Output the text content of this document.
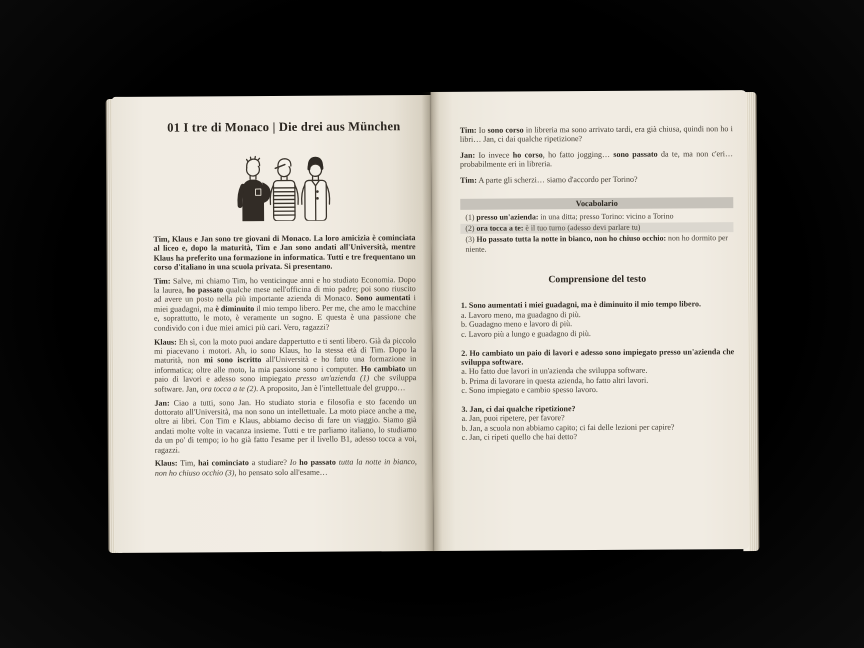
01 I tre di Monaco | Die drei aus München

Tim, Klaus e Jan sono tre giovani di Monaco. La loro amicizia è cominciata al liceo e, dopo la maturità, Tim e Jan sono andati all'Università, mentre Klaus ha preferito una formazione in informatica. Tutti e tre frequentano un corso d'italiano in una scuola privata. Si presentano.

Tim: Salve, mi chiamo Tim, ho venticinque anni e ho studiato Economia. Dopo la laurea, ho passato qualche mese nell'officina di mio padre; poi sono riuscito ad avere un posto nella più importante azienda di Monaco. Sono aumentati i miei guadagni, ma è diminuito il mio tempo libero. Per me, che amo le macchine e, soprattutto, le moto, è veramente un sogno. E questa è una passione che condivido con i due miei amici più cari. Vero, ragazzi?

Klaus: Eh sì, con la moto puoi andare dappertutto e ti senti libero. Già da piccolo mi piacevano i motori. Ah, io sono Klaus, ho la stessa età di Tim. Dopo la maturità, non mi sono iscritto all'Università e ho fatto una formazione in informatica; oltre alle moto, la mia passione sono i computer. Ho cambiato un paio di lavori e adesso sono impiegato presso un'azienda (1) che sviluppa software. Jan, ora tocca a te (2). A proposito, Jan è l'intellettuale del gruppo…

Jan: Ciao a tutti, sono Jan. Ho studiato storia e filosofia e sto facendo un dottorato all'Università, ma non sono un intellettuale. La moto piace anche a me, oltre ai libri. Con Tim e Klaus, abbiamo deciso di fare un viaggio. Siamo già andati molte volte in vacanza insieme. Tutti e tre parliamo italiano, lo studiamo da un po' di tempo; io ho già fatto l'esame per il livello B1, adesso tocca a voi, ragazzi.

Klaus: Tim, hai cominciato a studiare? Io ho passato tutta la notte in bianco, non ho chiuso occhio (3), ho pensato solo all'esame…

Tim: Io sono corso in libreria ma sono arrivato tardi, era già chiusa, quindi non ho i libri… Jan, ci dai qualche ripetizione?

Jan: Io invece ho corso, ho fatto jogging… sono passato da te, ma non c'eri… probabilmente eri in libreria.

Tim: A parte gli scherzi… siamo d'accordo per Torino?

Vocabolario
(1) presso un'azienda: in una ditta; presso Torino: vicino a Torino
(2) ora tocca a te: è il tuo turno (adesso devi parlare tu)
(3) Ho passato tutta la notte in bianco, non ho chiuso occhio: non ho dormito per niente.
Comprensione del testo
1. Sono aumentati i miei guadagni, ma è diminuito il mio tempo libero.
a. Lavoro meno, ma guadagno di più.
b. Guadagno meno e lavoro di più.
c. Lavoro più a lungo e guadagno di più.
2. Ho cambiato un paio di lavori e adesso sono impiegato presso un'azienda che sviluppa software.
a. Ho fatto due lavori in un'azienda che sviluppa software.
b. Prima di lavorare in questa azienda, ho fatto altri lavori.
c. Sono impiegato e cambio spesso lavoro.
3. Jan, ci dai qualche ripetizione?
a. Jan, puoi ripetere, per favore?
b. Jan, a scuola non abbiamo capito; ci fai delle lezioni per capire?
c. Jan, ci ripeti quello che hai detto?
